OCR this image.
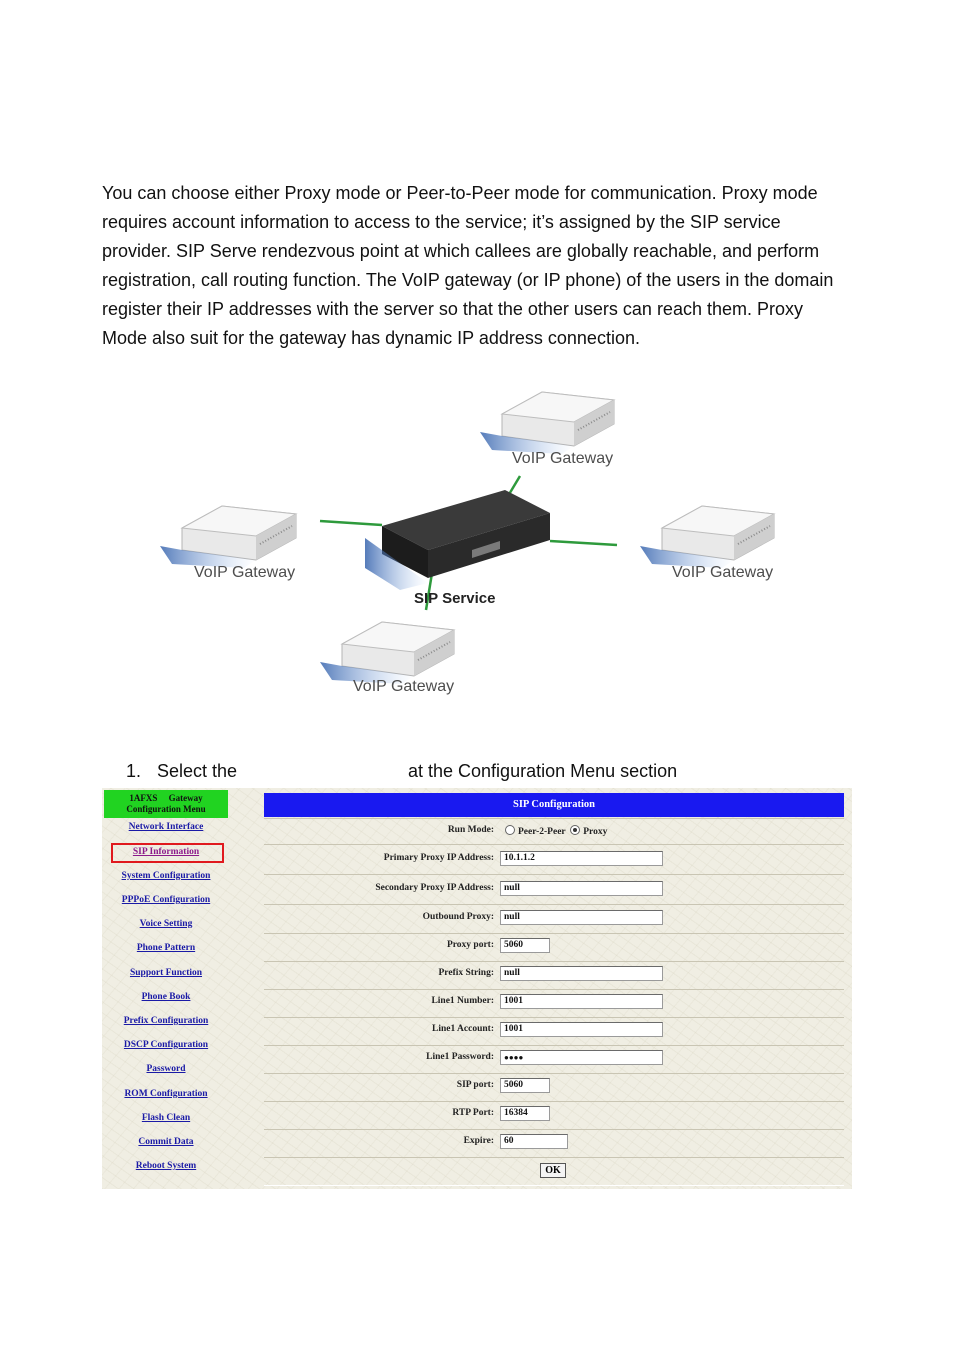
You can choose either Proxy mode or Peer-to-Peer mode for communication. Proxy mode requires account information to access to the service; it’s assigned by the SIP service provider. SIP Serve rendezvous point at which callees are globally reachable, and perform registration, call routing function. The VoIP gateway (or IP phone) of the users in the domain register their IP addresses with the server so that the other users can reach them. Proxy Mode also suit for the gateway has dynamic IP address connection.

SIP Service
VoIP Gateway
VoIP Gateway	VoIP Gateway
VoIP Gateway
1. Select the	at the Configuration Menu section
1AFXS     Gateway
Configuration Menu
Network Interface
SIP Information
System Configuration
PPPoE Configuration
Voice Setting
Phone Pattern
Support Function
Phone Book
Prefix Configuration
DSCP Configuration
Password
ROM Configuration
Flash Clean
Commit Data
Reboot System
SIP Configuration
Run Mode:	Peer-2-Peer Proxy
Primary Proxy IP Address:	10.1.1.2
Secondary Proxy IP Address:	null
Outbound Proxy:	null
Proxy port:	5060
Prefix String:	null
Line1 Number:	1001
Line1 Account:	1001
Line1 Password:	●●●●
SIP port:	5060
RTP Port:	16384
Expire:	60
OK
